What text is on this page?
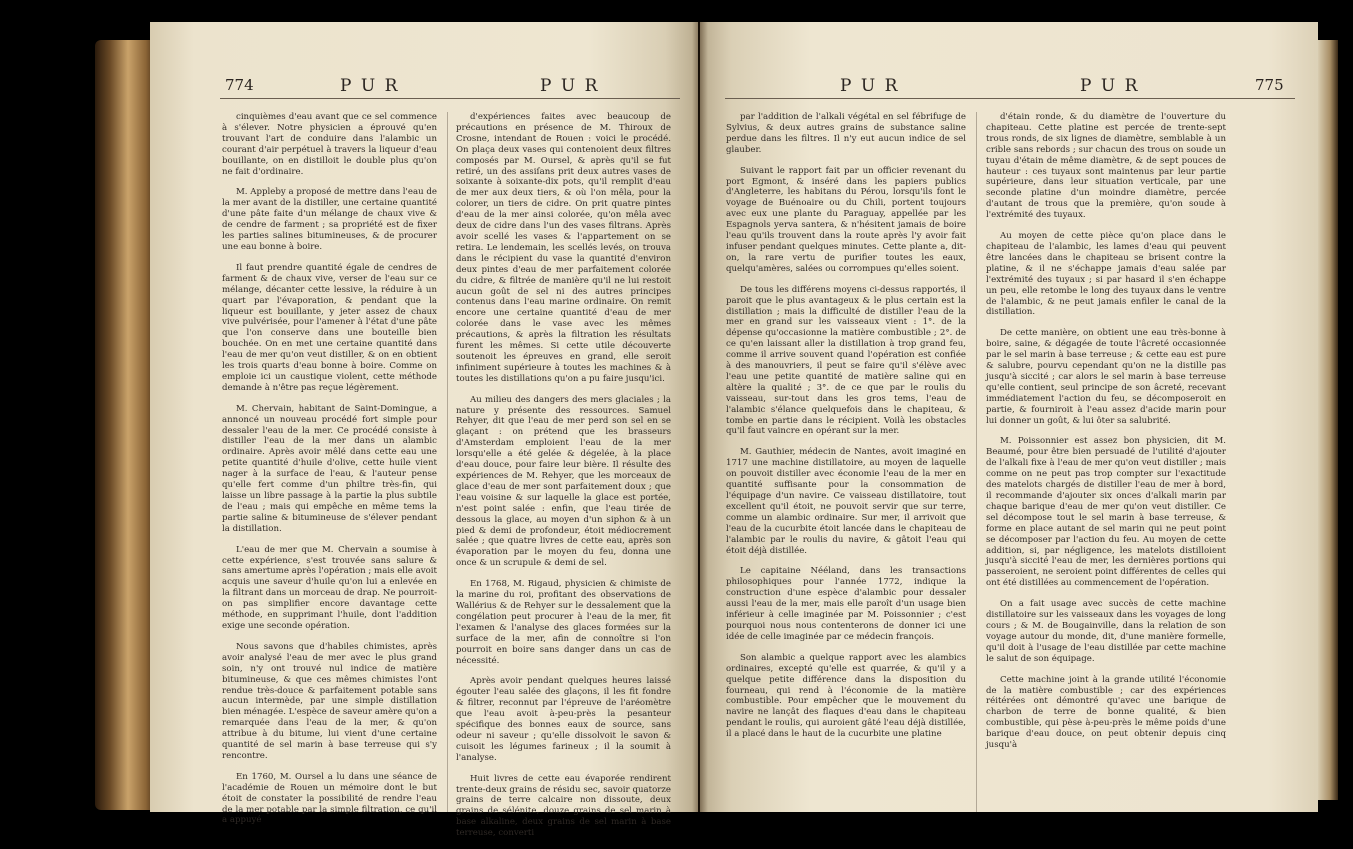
774	P U R	P U R

cinquièmes d'eau avant que ce sel commence à s'élever. Notre physicien a éprouvé qu'en trouvant l'art de conduire dans l'alambic un courant d'air perpétuel à travers la liqueur d'eau bouillante, on en distilloit le double plus qu'on ne fait d'ordinaire.

M. Appleby a proposé de mettre dans l'eau de la mer avant de la distiller, une certaine quantité d'une pâte faite d'un mélange de chaux vive & de cendre de farment ; sa propriété est de fixer les parties salines bitumineuses, & de procurer une eau bonne à boire.

Il faut prendre quantité égale de cendres de farment & de chaux vive, verser de l'eau sur ce mélange, décanter cette lessive, la réduire à un quart par l'évaporation, & pendant que la liqueur est bouillante, y jeter assez de chaux vive pulvérisée, pour l'amener à l'état d'une pâte que l'on conserve dans une bouteille bien bouchée. On en met une certaine quantité dans l'eau de mer qu'on veut distiller, & on en obtient les trois quarts d'eau bonne à boire. Comme on emploie ici un caustique violent, cette méthode demande à n'être pas reçue légèrement.

M. Chervain, habitant de Saint-Domingue, a annoncé un nouveau procédé fort simple pour dessaler l'eau de la mer. Ce procédé consiste à distiller l'eau de la mer dans un alambic ordinaire. Après avoir mêlé dans cette eau une petite quantité d'huile d'olive, cette huile vient nager à la surface de l'eau, & l'auteur pense qu'elle fert comme d'un philtre très-fin, qui laisse un libre passage à la partie la plus subtile de l'eau ; mais qui empêche en même tems la partie saline & bitumineuse de s'élever pendant la distillation.

L'eau de mer que M. Chervain a soumise à cette expérience, s'est trouvée sans salure & sans amertume après l'opération ; mais elle avoit acquis une saveur d'huile qu'on lui a enlevée en la filtrant dans un morceau de drap. Ne pourroit-on pas simplifier encore davantage cette méthode, en supprimant l'huile, dont l'addition exige une seconde opération.

Nous savons que d'habiles chimistes, après avoir analysé l'eau de mer avec le plus grand soin, n'y ont trouvé nul indice de matière bitumineuse, & que ces mêmes chimistes l'ont rendue très-douce & parfaitement potable sans aucun intermède, par une simple distillation bien ménagée. L'espèce de saveur amère qu'on a remarquée dans l'eau de la mer, & qu'on attribue à du bitume, lui vient d'une certaine quantité de sel marin à base terreuse qui s'y rencontre.

En 1760, M. Oursel a lu dans une séance de l'académie de Rouen un mémoire dont le but étoit de constater la possibilité de rendre l'eau de la mer potable par la simple filtration, ce qu'il a appuyé

d'expériences faites avec beaucoup de précautions en présence de M. Thiroux de Crosne, intendant de Rouen : voici le procédé. On plaça deux vases qui contenoient deux filtres composés par M. Oursel, & après qu'il se fut retiré, un des assiſans prit deux autres vases de soixante à soixante-dix pots, qu'il remplit d'eau de mer aux deux tiers, & où l'on mêla, pour la colorer, un tiers de cidre. On prit quatre pintes d'eau de la mer ainsi colorée, qu'on mêla avec deux de cidre dans l'un des vases filtrans. Après avoir scellé les vases & l'appartement on se retira. Le lendemain, les scellés levés, on trouva dans le récipient du vase la quantité d'environ deux pintes d'eau de mer parfaitement colorée du cidre, & filtrée de manière qu'il ne lui restoit aucun goût de sel ni des autres principes contenus dans l'eau marine ordinaire. On remit encore une certaine quantité d'eau de mer colorée dans le vase avec les mêmes précautions, & après la filtration les résultats furent les mêmes. Si cette utile découverte soutenoit les épreuves en grand, elle seroit infiniment supérieure à toutes les machines & à toutes les distillations qu'on a pu faire jusqu'ici.

Au milieu des dangers des mers glaciales ; la nature y présente des ressources. Samuel Rehyer, dit que l'eau de mer perd son sel en se glaçant : on prétend que les brasseurs d'Amsterdam emploient l'eau de la mer lorsqu'elle a été gelée & dégelée, à la place d'eau douce, pour faire leur bière. Il résulte des expériences de M. Rehyer, que les morceaux de glace d'eau de mer sont parfaitement doux ; que l'eau voisine & sur laquelle la glace est portée, n'est point salée : enfin, que l'eau tirée de dessous la glace, au moyen d'un siphon & à un pied & demi de profondeur, étoit médiocrement salée ; que quatre livres de cette eau, après son évaporation par le moyen du feu, donna une once & un scrupule & demi de sel.

En 1768, M. Rigaud, physicien & chimiste de la marine du roi, profitant des observations de Wallérius & de Rehyer sur le dessalement que la congélation peut procurer à l'eau de la mer, fit l'examen & l'analyse des glaces formées sur la surface de la mer, afin de connoître si l'on pourroit en boire sans danger dans un cas de nécessité.

Après avoir pendant quelques heures laissé égouter l'eau salée des glaçons, il les fit fondre & filtrer, reconnut par l'épreuve de l'aréomètre que l'eau avoit à-peu-près la pesanteur spécifique des bonnes eaux de source, sans odeur ni saveur ; qu'elle dissolvoit le savon & cuisoit les légumes farineux ; il la soumit à l'analyse.

Huit livres de cette eau évaporée rendirent trente-deux grains de résidu sec, savoir quatorze grains de terre calcaire non dissoute, deux grains de sélénite, douze grains de sel marin à base alkaline, deux grains de sel marin à base terreuse, converti

P U R	P U R	775

par l'addition de l'alkali végétal en sel fébrifuge de Sylvius, & deux autres grains de substance saline perdue dans les filtres. Il n'y eut aucun indice de sel glauber.

Suivant le rapport fait par un officier revenant du port Egmont, & inséré dans les papiers publics d'Angleterre, les habitans du Pérou, lorsqu'ils font le voyage de Buénoaire ou du Chili, portent toujours avec eux une plante du Paraguay, appellée par les Espagnols yerva santera, & n'hésitent jamais de boire l'eau qu'ils trouvent dans la route après l'y avoir fait infuser pendant quelques minutes. Cette plante a, dit-on, la rare vertu de purifier toutes les eaux, quelqu'amères, salées ou corrompues qu'elles soient.

De tous les différens moyens ci-dessus rapportés, il paroit que le plus avantageux & le plus certain est la distillation ; mais la difficulté de distiller l'eau de la mer en grand sur les vaisseaux vient : 1°. de la dépense qu'occasionne la matière combustible ; 2°. de ce qu'en laissant aller la distillation à trop grand feu, comme il arrive souvent quand l'opération est confiée à des manouvriers, il peut se faire qu'il s'élève avec l'eau une petite quantité de matière saline qui en altère la qualité ; 3°. de ce que par le roulis du vaisseau, sur-tout dans les gros tems, l'eau de l'alambic s'élance quelquefois dans le chapiteau, & tombe en partie dans le récipient. Voilà les obstacles qu'il faut vaincre en opérant sur la mer.

M. Gauthier, médecin de Nantes, avoit imaginé en 1717 une machine distillatoire, au moyen de laquelle on pouvoit distiller avec économie l'eau de la mer en quantité suffisante pour la consommation de l'équipage d'un navire. Ce vaisseau distillatoire, tout excellent qu'il étoit, ne pouvoit servir que sur terre, comme un alambic ordinaire. Sur mer, il arrivoit que l'eau de la cucurbite étoit lancée dans le chapiteau de l'alambic par le roulis du navire, & gâtoit l'eau qui étoit déjà distillée.

Le capitaine Nééland, dans les transactions philosophiques pour l'année 1772, indique la construction d'une espèce d'alambic pour dessaler aussi l'eau de la mer, mais elle paroît d'un usage bien inférieur à celle imaginée par M. Poissonnier ; c'est pourquoi nous nous contenterons de donner ici une idée de celle imaginée par ce médecin françois.

Son alambic a quelque rapport avec les alambics ordinaires, excepté qu'elle est quarrée, & qu'il y a quelque petite différence dans la disposition du fourneau, qui rend à l'économie de la matière combustible. Pour empêcher que le mouvement du navire ne lançât des flaques d'eau dans le chapiteau pendant le roulis, qui auroient gâté l'eau déjà distillée, il a placé dans le haut de la cucurbite une platine

d'étain ronde, & du diamètre de l'ouverture du chapiteau. Cette platine est percée de trente-sept trous ronds, de six lignes de diamètre, semblable à un crible sans rebords ; sur chacun des trous on soude un tuyau d'étain de même diamètre, & de sept pouces de hauteur : ces tuyaux sont maintenus par leur partie supérieure, dans leur situation verticale, par une seconde platine d'un moindre diamètre, percée d'autant de trous que la première, qu'on soude à l'extrémité des tuyaux.

Au moyen de cette pièce qu'on place dans le chapiteau de l'alambic, les lames d'eau qui peuvent être lancées dans le chapiteau se brisent contre la platine, & il ne s'échappe jamais d'eau salée par l'extrémité des tuyaux ; si par hasard il s'en échappe un peu, elle retombe le long des tuyaux dans le ventre de l'alambic, & ne peut jamais enfiler le canal de la distillation.

De cette manière, on obtient une eau très-bonne à boire, saine, & dégagée de toute l'âcreté occasionnée par le sel marin à base terreuse ; & cette eau est pure & salubre, pourvu cependant qu'on ne la distille pas jusqu'à siccité ; car alors le sel marin à base terreuse qu'elle contient, seul principe de son âcreté, recevant immédiatement l'action du feu, se décomposeroit en partie, & fourniroit à l'eau assez d'acide marin pour lui donner un goût, & lui ôter sa salubrité.

M. Poissonnier est assez bon physicien, dit M. Beaumé, pour être bien persuadé de l'utilité d'ajouter de l'alkali fixe à l'eau de mer qu'on veut distiller ; mais comme on ne peut pas trop compter sur l'exactitude des matelots chargés de distiller l'eau de mer à bord, il recommande d'ajouter six onces d'alkali marin par chaque barique d'eau de mer qu'on veut distiller. Ce sel décompose tout le sel marin à base terreuse, & forme en place autant de sel marin qui ne peut point se décomposer par l'action du feu. Au moyen de cette addition, si, par négligence, les matelots distilloient jusqu'à siccité l'eau de mer, les dernières portions qui passeroient, ne seroient point différentes de celles qui ont été distillées au commencement de l'opération.

On a fait usage avec succès de cette machine distillatoire sur les vaisseaux dans les voyages de long cours ; & M. de Bougainville, dans la relation de son voyage autour du monde, dit, d'une manière formelle, qu'il doit à l'usage de l'eau distillée par cette machine le salut de son équipage.

Cette machine joint à la grande utilité l'économie de la matière combustible ; car des expériences réitérées ont démontré qu'avec une barique de charbon de terre de bonne qualité, & bien combustible, qui pèse à-peu-près le même poids d'une barique d'eau douce, on peut obtenir depuis cinq jusqu'à
